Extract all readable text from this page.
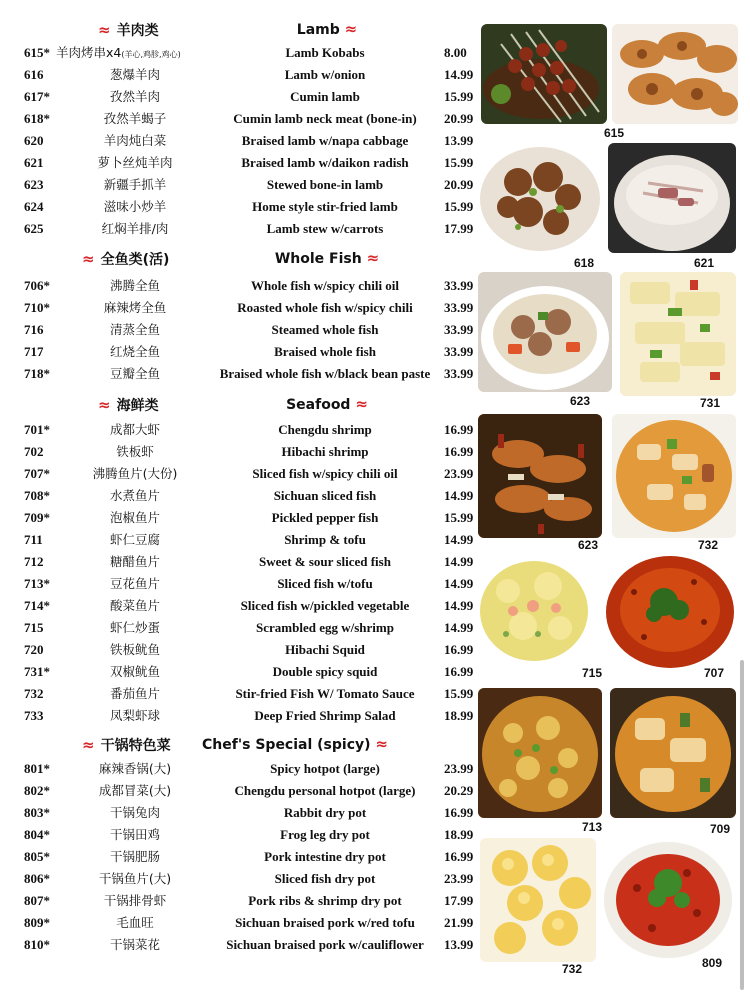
≈ 羊肉类	Lamb ≈
615* 羊肉烤串x4(羊心,鸡胗,鸡心)	Lamb Kobabs	8.00
616	葱爆羊肉	Lamb w/onion	14.99
617*	孜然羊肉	Cumin lamb	15.99
618*	孜然羊蝎子	Cumin lamb neck meat (bone-in)	20.99
620	羊肉炖白菜	Braised lamb w/napa cabbage	13.99
621	萝卜丝炖羊肉	Braised lamb w/daikon radish	15.99
623	新疆手抓羊	Stewed bone-in lamb	20.99
624	滋味小炒羊	Home style stir-fried lamb	15.99
625	红焖羊排/肉	Lamb stew w/carrots	17.99
≈ 全鱼类(活)	Whole Fish ≈
706*	沸腾全鱼	Whole fish w/spicy chili oil	33.99
710*	麻辣烤全鱼	Roasted whole fish w/spicy chili	33.99
716	清蒸全鱼	Steamed whole fish	33.99
717	红烧全鱼	Braised whole fish	33.99
718*	豆瓣全鱼	Braised whole fish w/black bean paste	33.99
≈ 海鲜类	Seafood ≈
701*	成都大虾	Chengdu shrimp	16.99
702	铁板虾	Hibachi shrimp	16.99
707*	沸腾鱼片(大份)	Sliced fish w/spicy chili oil	23.99
708*	水煮鱼片	Sichuan sliced fish	14.99
709*	泡椒鱼片	Pickled pepper fish	15.99
711	虾仁豆腐	Shrimp & tofu	14.99
712	糖醋鱼片	Sweet & sour sliced fish	14.99
713*	豆花鱼片	Sliced fish w/tofu	14.99
714*	酸菜鱼片	Sliced fish w/pickled vegetable	14.99
715	虾仁炒蛋	Scrambled egg w/shrimp	14.99
720	铁板鱿鱼	Hibachi Squid	16.99
731*	双椒鱿鱼	Double spicy squid	16.99
732	番茄鱼片	Stir-fried Fish W/ Tomato Sauce	15.99
733	凤梨虾球	Deep Fried Shrimp Salad	18.99
≈ 干锅特色菜	Chef's Special (spicy) ≈
801*	麻辣香锅(大)	Spicy hotpot (large)	23.99
802*	成都冒菜(大)	Chengdu personal hotpot (large)	20.29
803*	干锅兔肉	Rabbit dry pot	16.99
804*	干锅田鸡	Frog leg dry pot	18.99
805*	干锅肥肠	Pork intestine dry pot	16.99
806*	干锅鱼片(大)	Sliced fish dry pot	23.99
807*	干锅排骨虾	Pork ribs & shrimp dry pot	17.99
809*	毛血旺	Sichuan braised pork w/red tofu	21.99
810*	干锅菜花	Sichuan braised pork w/cauliflower	13.99
615
618	621
623	731
623	732
715	707
713	709
732	809
